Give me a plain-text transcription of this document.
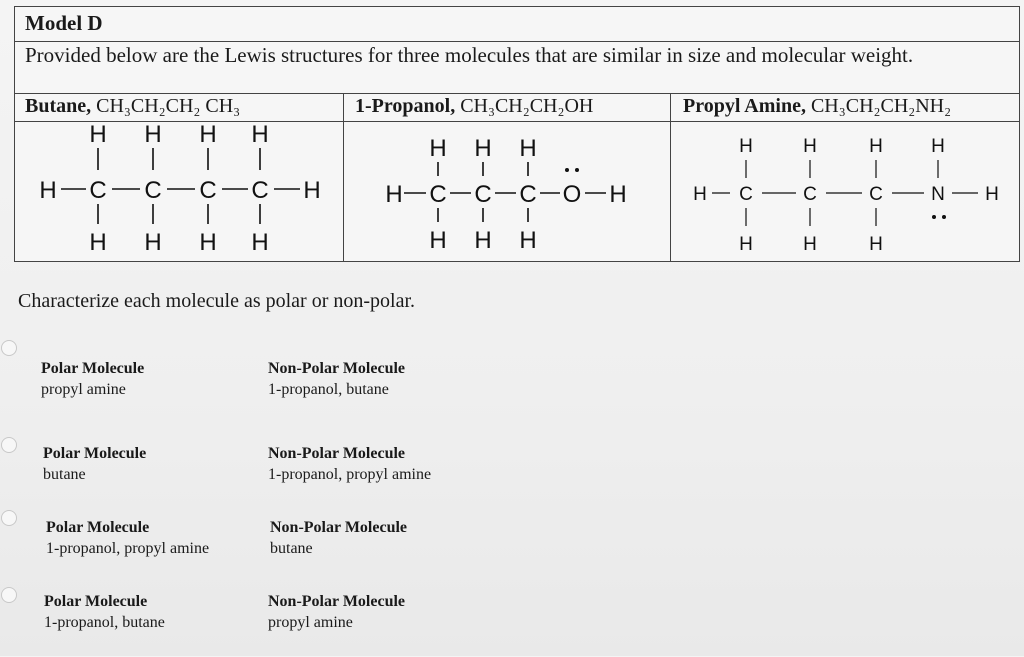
Model D
Provided below are the Lewis structures for three molecules that are similar in size and molecular weight.
Butane, CH₃CH₂CH₂ CH₃	1-Propanol, CH₃CH₂CH₂OH	Propyl Amine, CH₃CH₂CH₂NH₂
H H H H
H C C C C H
H H H H
H H H
H C C C O H
H H H
H	H	H	H
H C	C	C	N H
H	H	H
Characterize each molecule as polar or non-polar.
Polar Molecule
propyl amine
Non-Polar Molecule
1-propanol, butane
Polar Molecule
butane
Non-Polar Molecule
1-propanol, propyl amine
Polar Molecule
1-propanol, propyl amine
Non-Polar Molecule
butane
Polar Molecule
1-propanol, butane
Non-Polar Molecule
propyl amine
